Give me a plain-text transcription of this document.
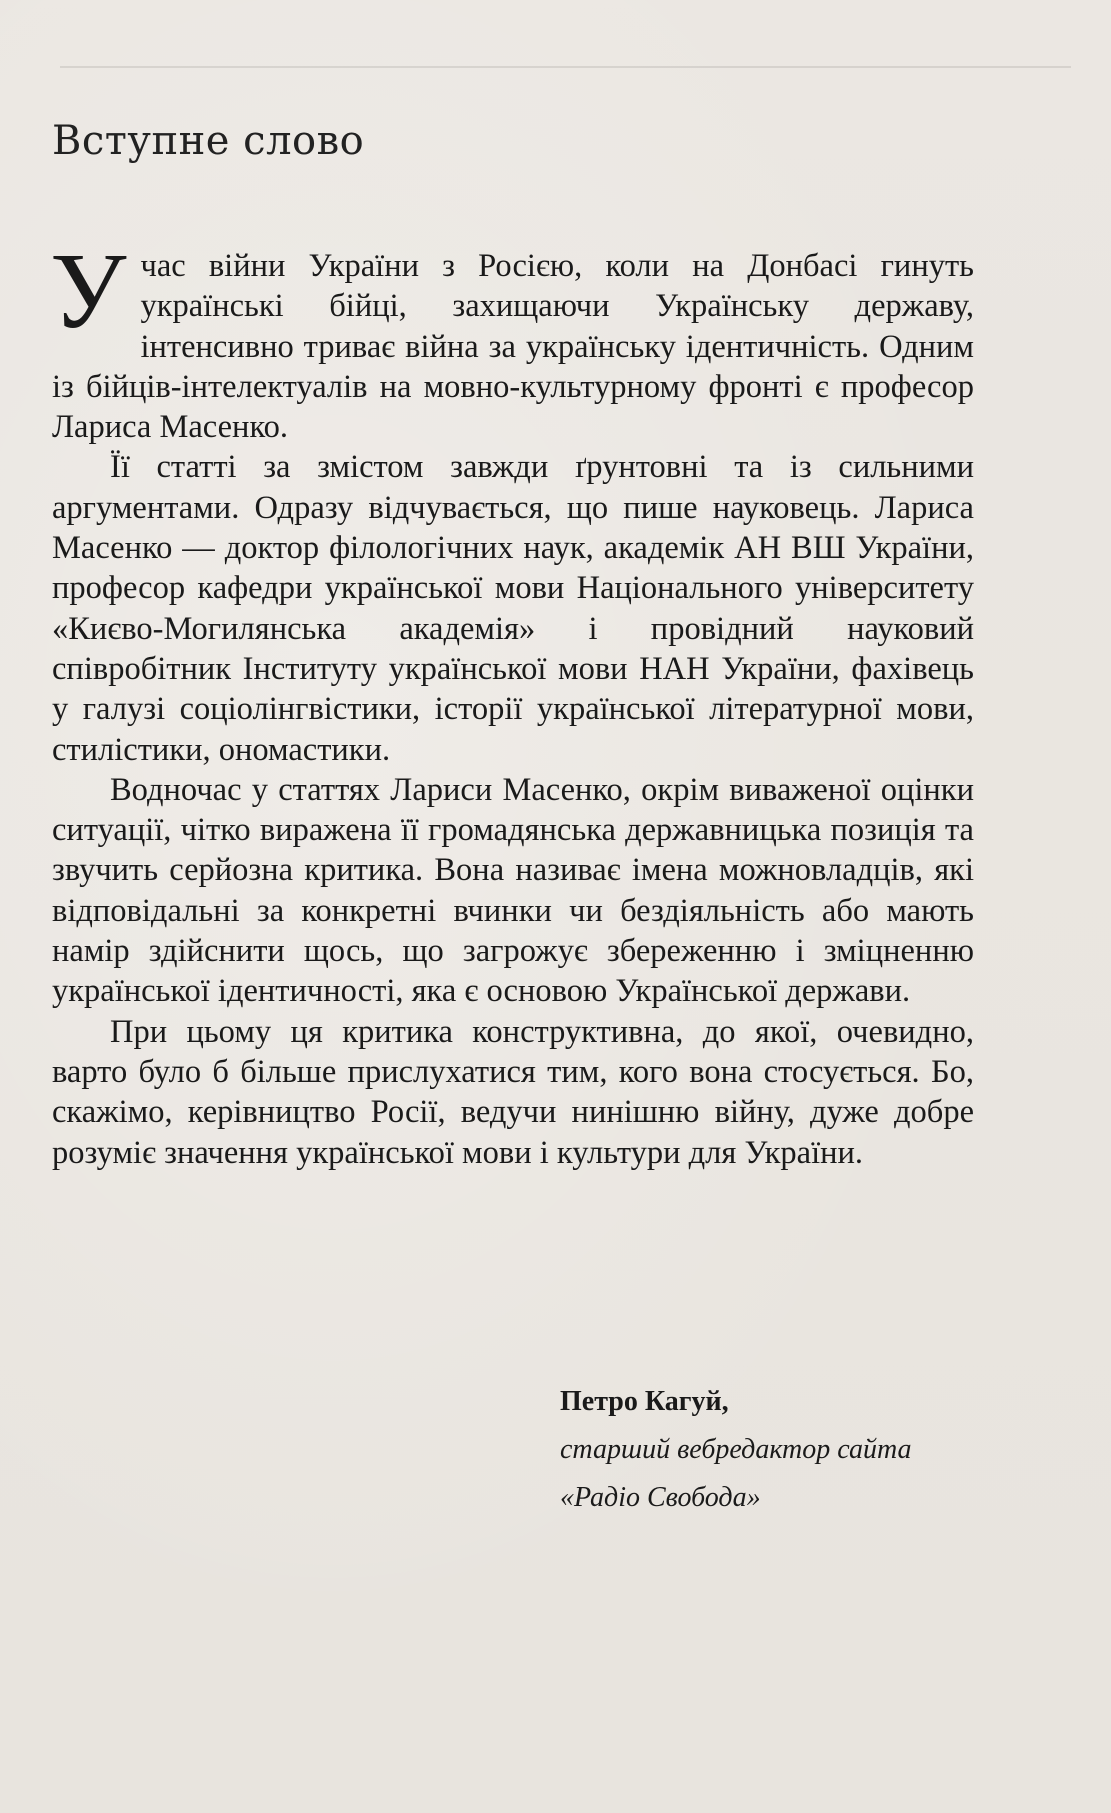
Вступне слово

У час війни України з Росією, коли на Донбасі гинуть українські бійці, захищаючи Українську державу, інтенсивно триває війна за українську ідентичність. Одним із бійців-інтелектуалів на мовно-культурному фронті є професор Лариса Масенко.

Її статті за змістом завжди ґрунтовні та із сильними аргументами. Одразу відчувається, що пише науковець. Лариса Масенко — доктор філологічних наук, академік АН ВШ України, професор кафедри української мови Національного університету «Києво-Могилянська академія» і провідний науковий співробітник Інституту української мови НАН України, фахівець у галузі соціолінгвістики, історії української літературної мови, стилістики, ономастики.

Водночас у статтях Лариси Масенко, окрім виваженої оцінки ситуації, чітко виражена її громадянська державницька позиція та звучить серйозна критика. Вона називає імена можновладців, які відповідальні за конкретні вчинки чи бездіяльність або мають намір здійснити щось, що загрожує збереженню і зміцненню української ідентичності, яка є основою Української держави.

При цьому ця критика конструктивна, до якої, очевидно, варто було б більше прислухатися тим, кого вона стосується. Бо, скажімо, керівництво Росії, ведучи нинішню війну, дуже добре розуміє значення української мови і культури для України.

Петро Кагуй,
старший вебредактор сайта
«Радіо Свобода»
